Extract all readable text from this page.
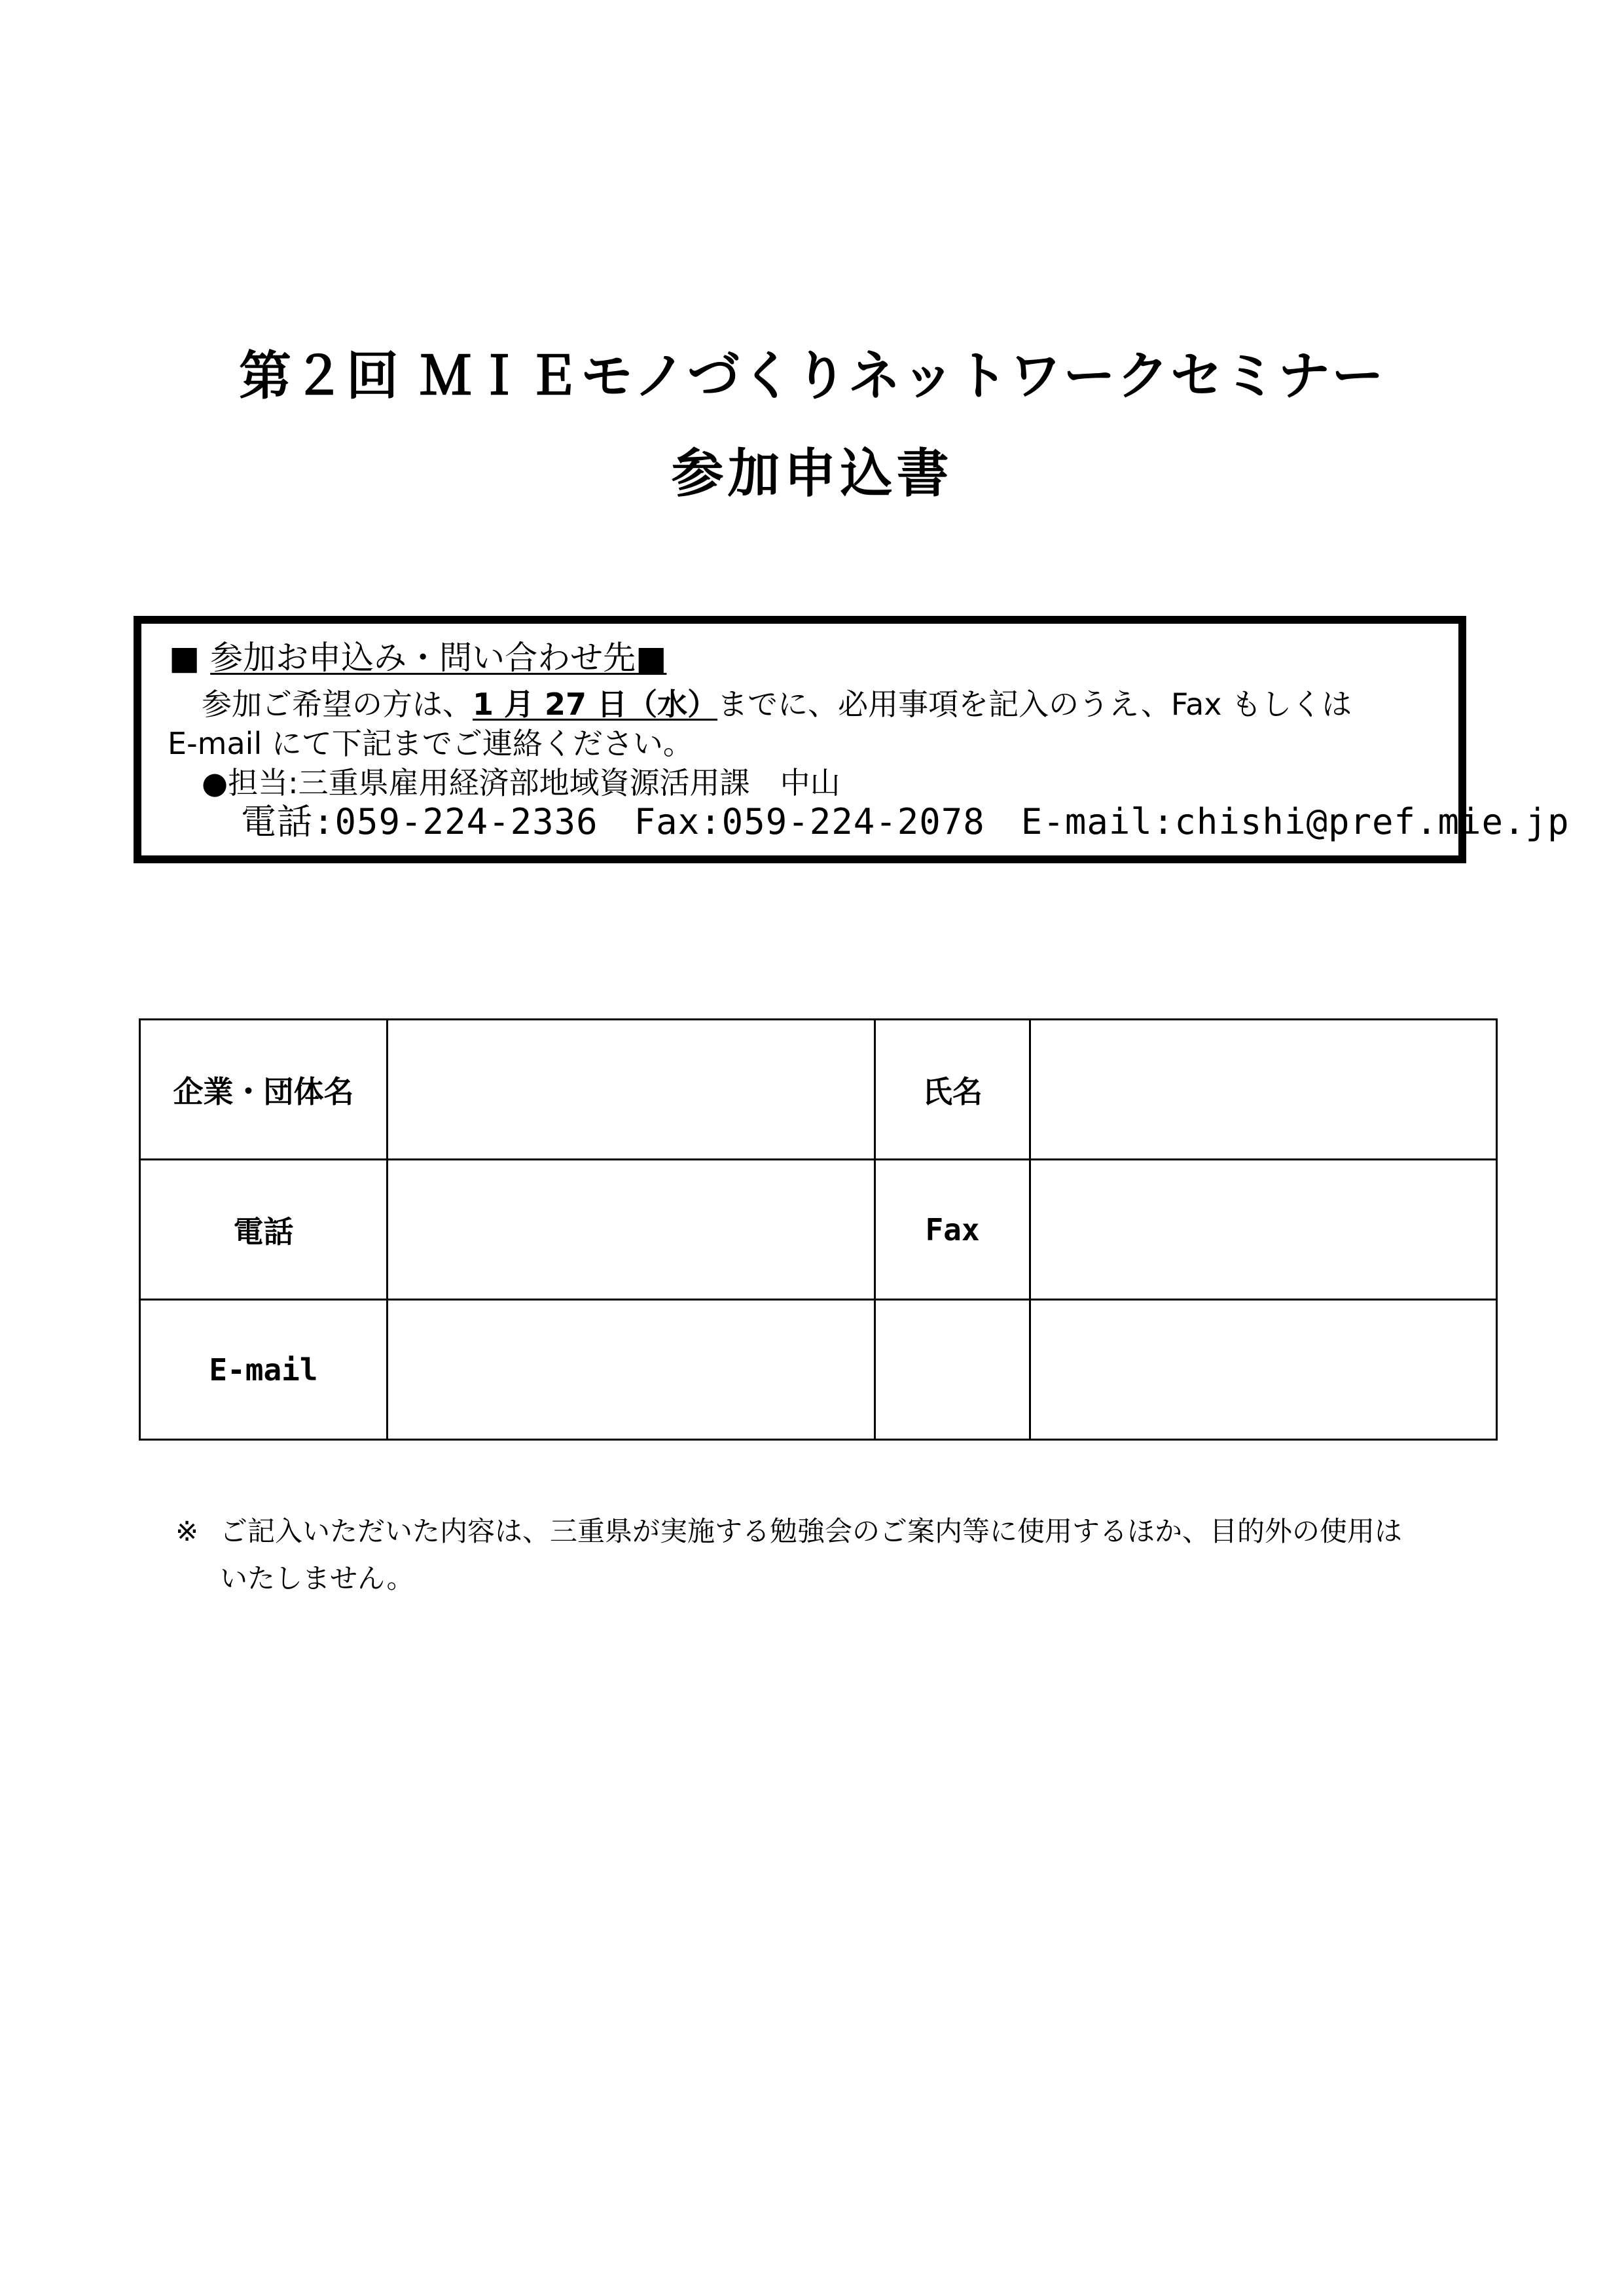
第２回 ＭＩＥモノづくりネットワークセミナー
参加申込書
■ 参加お申込み・問い合わせ先■
参加ご希望の方は、1 月 27 日（水）までに、必用事項を記入のうえ、Fax もしくは
E-mail にて下記までご連絡ください。
●担当:三重県雇用経済部地域資源活用課　中山
電話:059-224-2336　Fax:059-224-2078　E-mail:chishi@pref.mie.jp
企業・団体名		氏名	
電話		Fax	
E-mail			
※ ご記入いただいた内容は、三重県が実施する勉強会のご案内等に使用するほか、目的外の使用は
いたしません。
